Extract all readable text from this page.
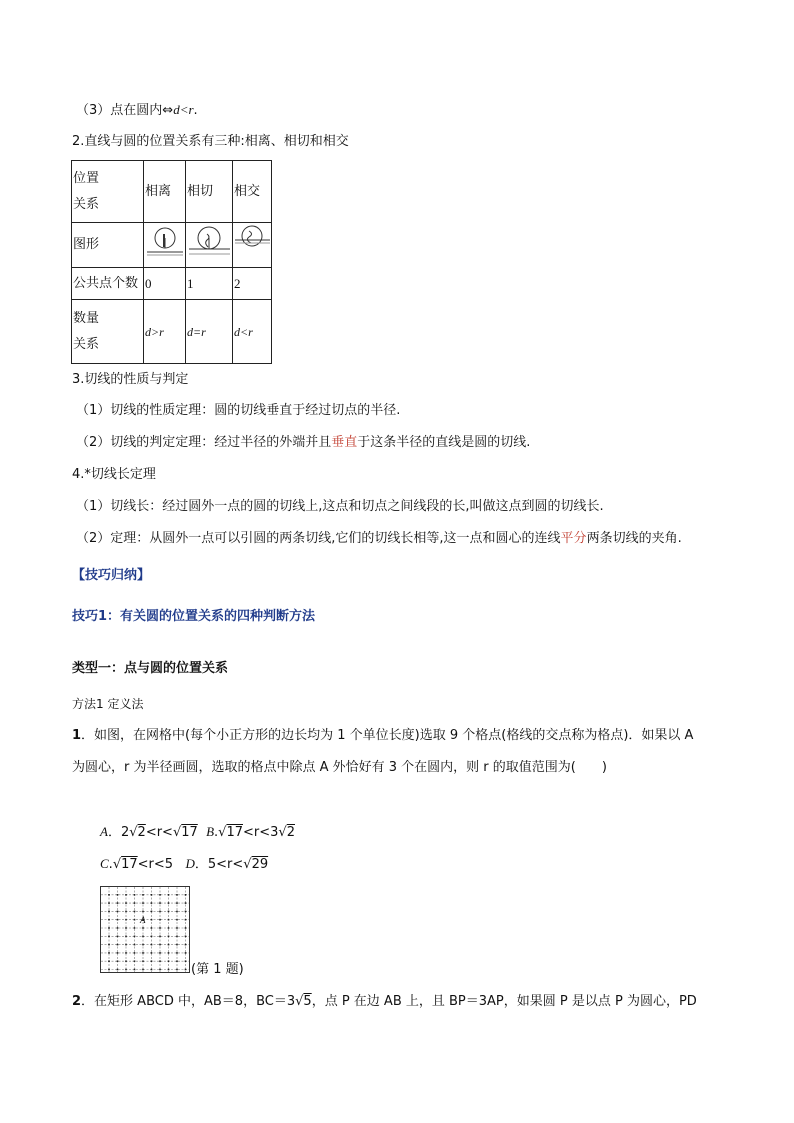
（3）点在圆内⇔d<r.
2.直线与圆的位置关系有三种:相离、相切和相交
位置
关系	相离	相切	相交
图形			
公共点个数	0	1	2

数量
关系	d>r	d=r	d<r
3.切线的性质与判定
（1）切线的性质定理：圆的切线垂直于经过切点的半径.
（2）切线的判定定理：经过半径的外端并且垂直于这条半径的直线是圆的切线.
4.*切线长定理
（1）切线长：经过圆外一点的圆的切线上,这点和切点之间线段的长,叫做这点到圆的切线长.
（2）定理：从圆外一点可以引圆的两条切线,它们的切线长相等,这一点和圆心的连线平分两条切线的夹角.
【技巧归纳】
技巧1：有关圆的位置关系的四种判断方法
类型一：点与圆的位置关系
方法1 定义法
1．如图，在网格中(每个小正方形的边长均为 1 个单位长度)选取 9 个格点(格线的交点称为格点)．如果以 A
为圆心，r 为半径画圆，选取的格点中除点 A 外恰好有 3 个在圆内，则 r 的取值范围为(　　)
A．2√2<r<√17 B.√17<r<3√2
C.√17<r<5 D．5<r<√29
A
(第 1 题)
2．在矩形 ABCD 中，AB＝8，BC＝3√5，点 P 在边 AB 上，且 BP＝3AP，如果圆 P 是以点 P 为圆心，PD
